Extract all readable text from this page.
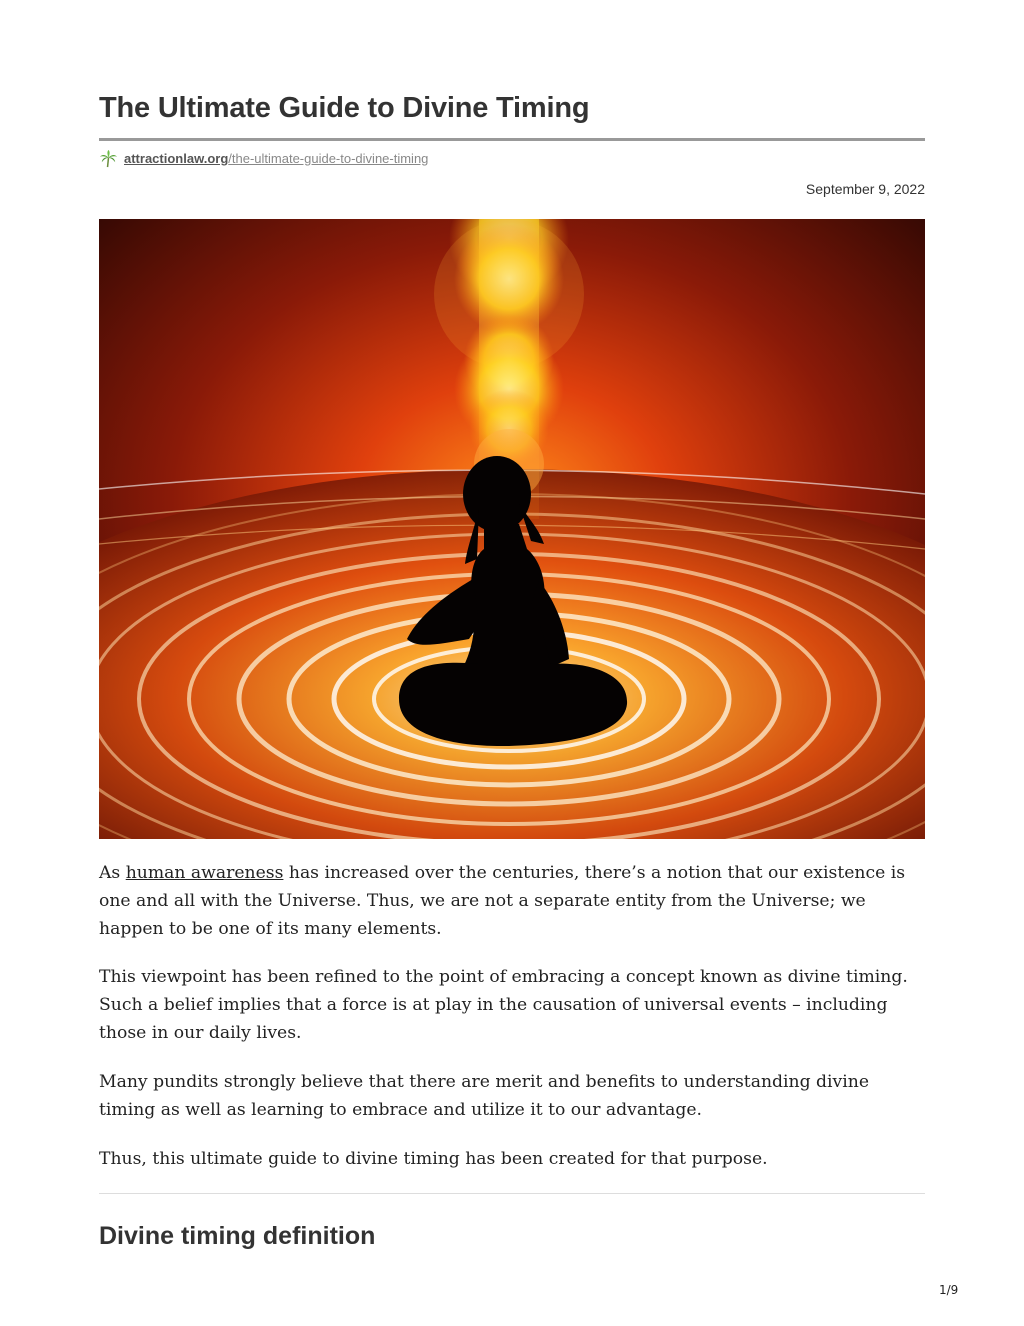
The Ultimate Guide to Divine Timing
attractionlaw.org /the-ultimate-guide-to-divine-timing
September 9, 2022

As human awareness has increased over the centuries, there’s a notion that our existence is one and all with the Universe. Thus, we are not a separate entity from the Universe; we happen to be one of its many elements.

This viewpoint has been refined to the point of embracing a concept known as divine timing. Such a belief implies that a force is at play in the causation of universal events – including those in our daily lives.

Many pundits strongly believe that there are merit and benefits to understanding divine timing as well as learning to embrace and utilize it to our advantage.

Thus, this ultimate guide to divine timing has been created for that purpose.

Divine timing definition
1/9
